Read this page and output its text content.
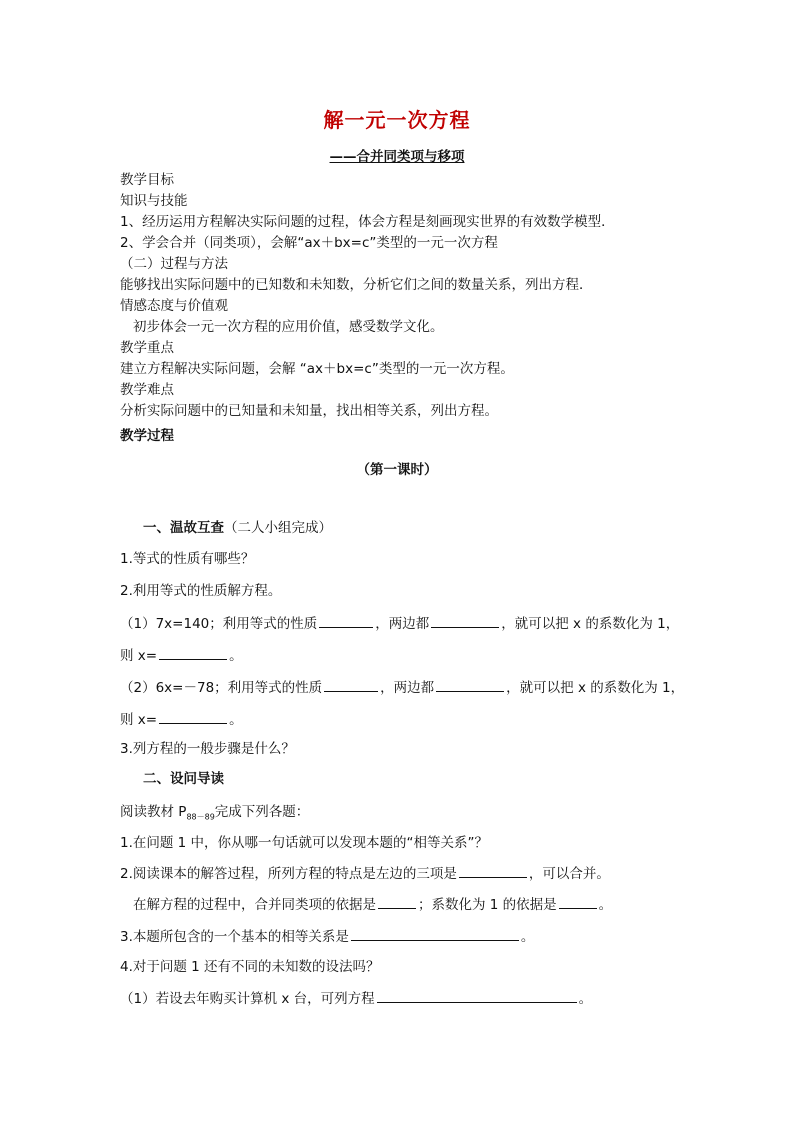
解一元一次方程
——合并同类项与移项
教学目标
知识与技能
1、经历运用方程解决实际问题的过程，体会方程是刻画现实世界的有效数学模型．
2、学会合并（同类项），会解“ax＋bx=c”类型的一元一次方程
（二）过程与方法
能够找出实际问题中的已知数和未知数，分析它们之间的数量关系，列出方程．
情感态度与价值观
初步体会一元一次方程的应用价值，感受数学文化。
教学重点
建立方程解决实际问题，会解 “ax＋bx=c”类型的一元一次方程。
教学难点
分析实际问题中的已知量和未知量，找出相等关系，列出方程。
教学过程
（第一课时）
一、温故互查（二人小组完成）
1.等式的性质有哪些？
2.利用等式的性质解方程。
（1）7x=140；利用等式的性质	，两边都	，就可以把 x 的系数化为 1，
则 x=	。
（2）6x=－78；利用等式的性质	，两边都	，就可以把 x 的系数化为 1，
则 x=	。
3.列方程的一般步骤是什么？
二、设问导读
阅读教材 $P_{88-89}$完成下列各题：
1.在问题 1 中，你从哪一句话就可以发现本题的“相等关系”？
2.阅读课本的解答过程，所列方程的特点是左边的三项是	，可以合并。
在解方程的过程中，合并同类项的依据是	；系数化为 1 的依据是	。
3.本题所包含的一个基本的相等关系是	。
4.对于问题 1 还有不同的未知数的设法吗？
（1）若设去年购买计算机 x 台，可列方程	。
